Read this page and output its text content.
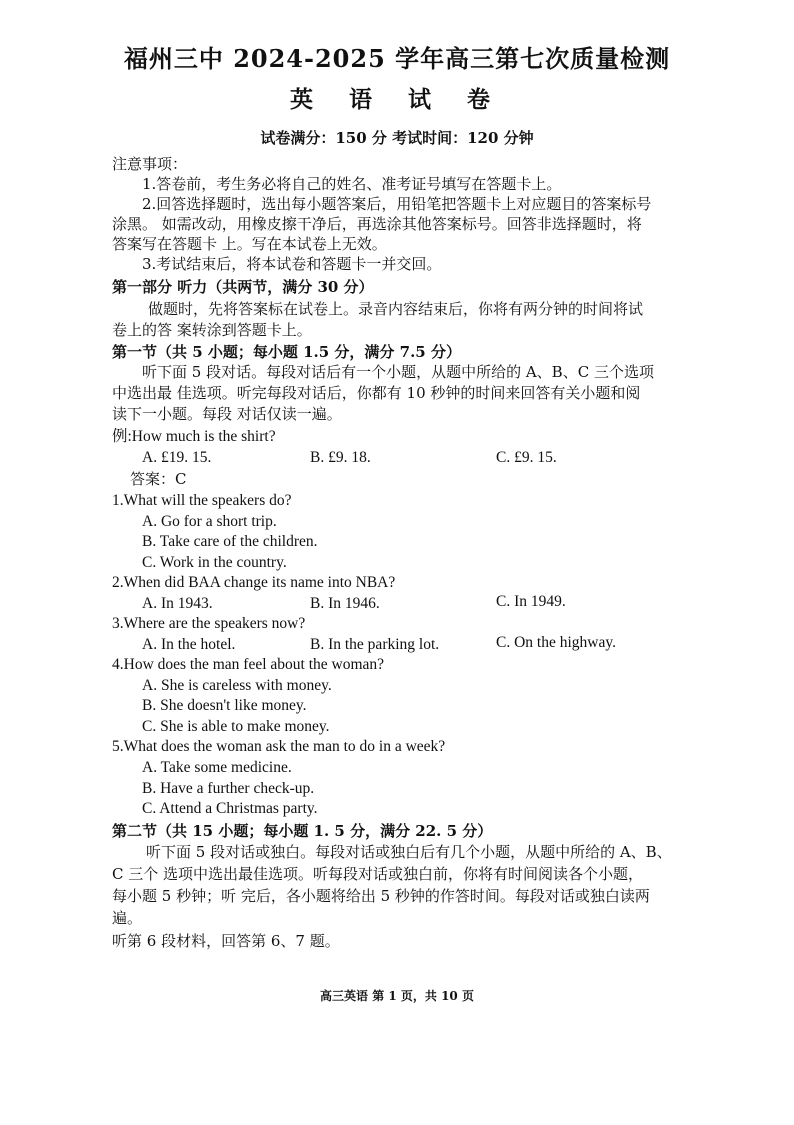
福州三中 2024-2025 学年高三第七次质量检测
英 语 试 卷
试卷满分：150 分 考试时间：120 分钟
注意事项：
1.答卷前，考生务必将自己的姓名、准考证号填写在答题卡上。
2.回答选择题时，选出每小题答案后，用铅笔把答题卡上对应题目的答案标号
涂黑。 如需改动，用橡皮擦干净后，再选涂其他答案标号。回答非选择题时，将
答案写在答题卡 上。写在本试卷上无效。
3.考试结束后，将本试卷和答题卡一并交回。
第一部分 听力（共两节，满分 30 分）
做题时，先将答案标在试卷上。录音内容结束后，你将有两分钟的时间将试
卷上的答 案转涂到答题卡上。
第一节（共 5 小题；每小题 1.5 分，满分 7.5 分）
听下面 5 段对话。每段对话后有一个小题，从题中所给的 A、B、C 三个选项
中选出最 佳选项。听完每段对话后，你都有 10 秒钟的时间来回答有关小题和阅
读下一小题。每段 对话仅读一遍。
例:How much is the shirt?
A. £19. 15.	B. £9. 18.	C. £9. 15.
答案：C
1.What will the speakers do?
A. Go for a short trip.
B. Take care of the children.
C. Work in the country.
2.When did BAA change its name into NBA?
A. In 1943.	B. In 1946.	C. In 1949.
3.Where are the speakers now?
A. In the hotel.	B. In the parking lot.	C. On the highway.
4.How does the man feel about the woman?
A. She is careless with money.
B. She doesn't like money.
C. She is able to make money.
5.What does the woman ask the man to do in a week?
A. Take some medicine.
B. Have a further check-up.
C. Attend a Christmas party.
第二节（共 15 小题；每小题 1. 5 分，满分 22. 5 分）
听下面 5 段对话或独白。每段对话或独白后有几个小题，从题中所给的 A、B、
C 三个 选项中选出最佳选项。听每段对话或独白前，你将有时间阅读各个小题，
每小题 5 秒钟；听 完后，各小题将给出 5 秒钟的作答时间。每段对话或独白读两
遍。
听第 6 段材料，回答第 6、7 题。
高三英语 第 1 页，共 10 页
